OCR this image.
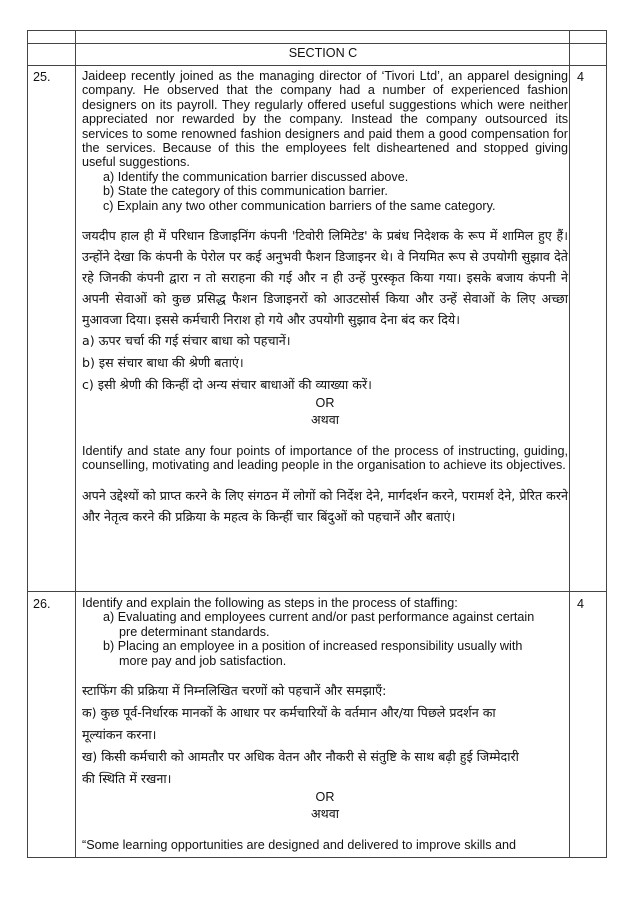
SECTION C
25.	4

Jaideep recently joined as the managing director of ‘Tivori Ltd’, an apparel designing company. He observed that the company had a number of experienced fashion designers on its payroll. They regularly offered useful suggestions which were neither appreciated nor rewarded by the company. Instead the company outsourced its services to some renowned fashion designers and paid them a good compensation for the services. Because of this the employees felt disheartened and stopped giving useful suggestions.

a) Identify the communication barrier discussed above.

b) State the category of this communication barrier.

c) Explain any two other communication barriers of the same category.

जयदीप हाल ही में परिधान डिजाइनिंग कंपनी 'टिवोरी लिमिटेड' के प्रबंध निदेशक के रूप में शामिल हुए हैं। उन्होंने देखा कि कंपनी के पेरोल पर कई अनुभवी फैशन डिजाइनर थे। वे नियमित रूप से उपयोगी सुझाव देते रहे जिनकी कंपनी द्वारा न तो सराहना की गई और न ही उन्हें पुरस्कृत किया गया। इसके बजाय कंपनी ने अपनी सेवाओं को कुछ प्रसिद्ध फैशन डिजाइनरों को आउटसोर्स किया और उन्हें सेवाओं के लिए अच्छा मुआवजा दिया। इससे कर्मचारी निराश हो गये और उपयोगी सुझाव देना बंद कर दिये।

a) ऊपर चर्चा की गई संचार बाधा को पहचानें।

b) इस संचार बाधा की श्रेणी बताएं।

c) इसी श्रेणी की किन्हीं दो अन्य संचार बाधाओं की व्याख्या करें।

OR

अथवा

Identify and state any four points of importance of the process of instructing, guiding, counselling, motivating and leading people in the organisation to achieve its objectives.

अपने उद्देश्यों को प्राप्त करने के लिए संगठन में लोगों को निर्देश देने, मार्गदर्शन करने, परामर्श देने, प्रेरित करने और नेतृत्व करने की प्रक्रिया के महत्व के किन्हीं चार बिंदुओं को पहचानें और बताएं।

26.	4

Identify and explain the following as steps in the process of staffing:

a) Evaluating and employees current and/or past performance against certain

pre determinant standards.

b) Placing an employee in a position of increased responsibility usually with

more pay and job satisfaction.

स्टाफिंग की प्रक्रिया में निम्नलिखित चरणों को पहचानें और समझाएँ:

क) कुछ पूर्व-निर्धारक मानकों के आधार पर कर्मचारियों के वर्तमान और/या पिछले प्रदर्शन का

मूल्यांकन करना।

ख) किसी कर्मचारी को आमतौर पर अधिक वेतन और नौकरी से संतुष्टि के साथ बढ़ी हुई जिम्मेदारी

की स्थिति में रखना।

OR

अथवा

“Some learning opportunities are designed and delivered to improve skills and
